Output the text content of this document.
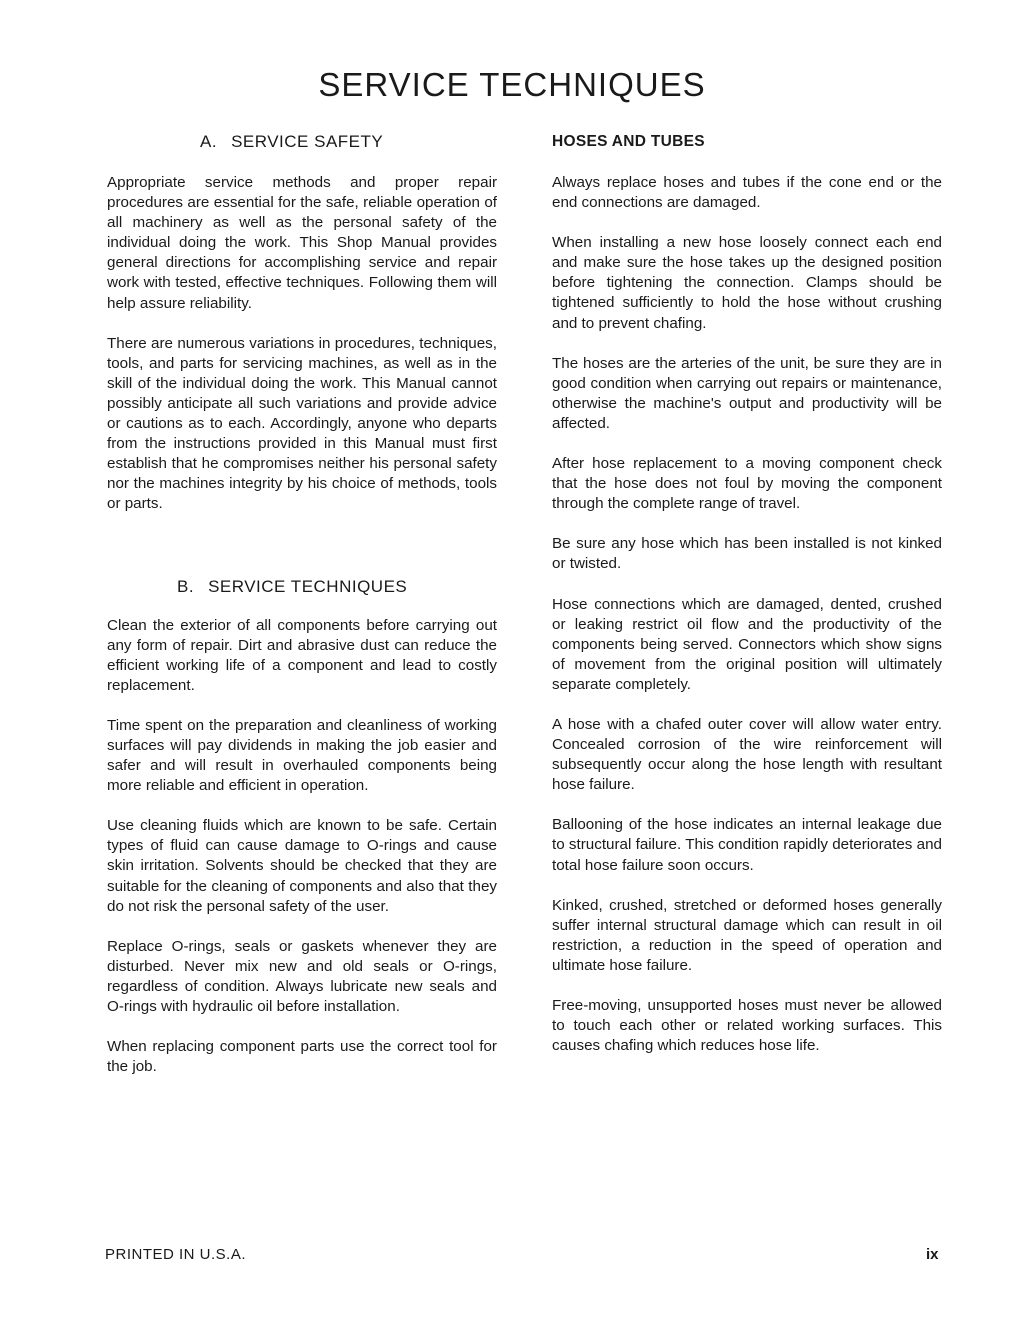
SERVICE TECHNIQUES
A. SERVICE SAFETY

Appropriate service methods and proper repair procedures are essential for the safe, reliable operation of all machinery as well as the personal safety of the individual doing the work. This Shop Manual provides general directions for accomplishing service and repair work with tested, effective techniques. Following them will help assure reliability.

There are numerous variations in procedures, techniques, tools, and parts for servicing machines, as well as in the skill of the individual doing the work. This Manual cannot possibly anticipate all such variations and provide advice or cautions as to each. Accordingly, anyone who departs from the instructions provided in this Manual must first establish that he compromises neither his personal safety nor the machines integrity by his choice of methods, tools or parts.

B. SERVICE TECHNIQUES

Clean the exterior of all components before carrying out any form of repair. Dirt and abrasive dust can reduce the efficient working life of a component and lead to costly replacement.

Time spent on the preparation and cleanliness of working surfaces will pay dividends in making the job easier and safer and will result in overhauled components being more reliable and efficient in operation.

Use cleaning fluids which are known to be safe. Certain types of fluid can cause damage to O-rings and cause skin irritation. Solvents should be checked that they are suitable for the cleaning of components and also that they do not risk the personal safety of the user.

Replace O-rings, seals or gaskets whenever they are disturbed. Never mix new and old seals or O-rings, regardless of condition. Always lubricate new seals and O-rings with hydraulic oil before installation.

When replacing component parts use the correct tool for the job.

HOSES AND TUBES

Always replace hoses and tubes if the cone end or the end connections are damaged.

When installing a new hose loosely connect each end and make sure the hose takes up the designed position before tightening the connection. Clamps should be tightened sufficiently to hold the hose without crushing and to prevent chafing.

The hoses are the arteries of the unit, be sure they are in good condition when carrying out repairs or maintenance, otherwise the machine's output and productivity will be affected.

After hose replacement to a moving component check that the hose does not foul by moving the component through the complete range of travel.

Be sure any hose which has been installed is not kinked or twisted.

Hose connections which are damaged, dented, crushed or leaking restrict oil flow and the productivity of the components being served. Connectors which show signs of movement from the original position will ultimately separate completely.

A hose with a chafed outer cover will allow water entry. Concealed corrosion of the wire reinforcement will subsequently occur along the hose length with resultant hose failure.

Ballooning of the hose indicates an internal leakage due to structural failure. This condition rapidly deteriorates and total hose failure soon occurs.

Kinked, crushed, stretched or deformed hoses generally suffer internal structural damage which can result in oil restriction, a reduction in the speed of operation and ultimate hose failure.

Free-moving, unsupported hoses must never be allowed to touch each other or related working surfaces. This causes chafing which reduces hose life.

PRINTED IN U.S.A.	ix
